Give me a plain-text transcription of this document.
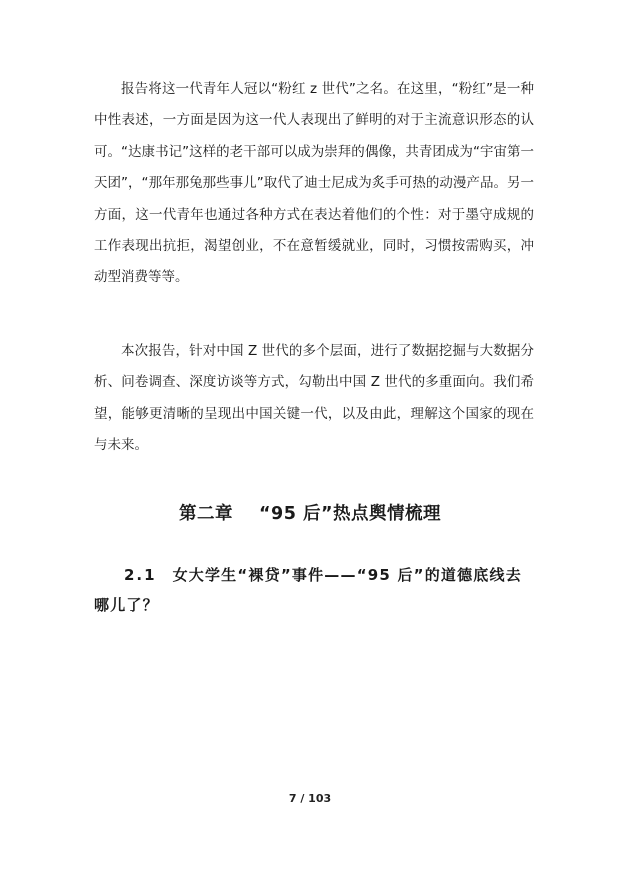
报告将这一代青年人冠以“粉红 z 世代”之名。在这里，“粉红”是一种中性表述，一方面是因为这一代人表现出了鲜明的对于主流意识形态的认可。“达康书记”这样的老干部可以成为崇拜的偶像，共青团成为“宇宙第一天团”，“那年那兔那些事儿”取代了迪士尼成为炙手可热的动漫产品。另一方面，这一代青年也通过各种方式在表达着他们的个性：对于墨守成规的工作表现出抗拒，渴望创业，不在意暂缓就业，同时，习惯按需购买，冲动型消费等等。

本次报告，针对中国 Z 世代的多个层面，进行了数据挖掘与大数据分析、问卷调查、深度访谈等方式，勾勒出中国 Z 世代的多重面向。我们希望，能够更清晰的呈现出中国关键一代，以及由此，理解这个国家的现在与未来。

第二章 “95 后”热点舆情梳理
2.1 女大学生“裸贷”事件——“95 后”的道德底线去哪儿了？
7 / 103
